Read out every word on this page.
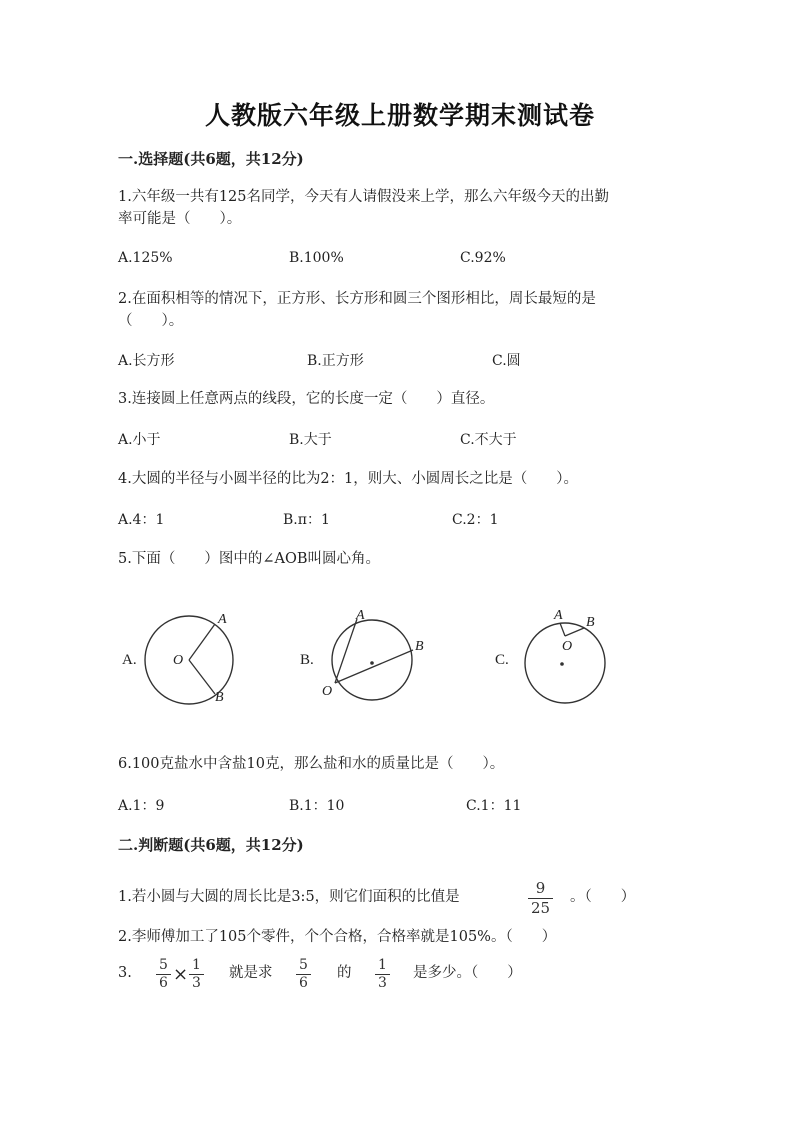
人教版六年级上册数学期末测试卷
一.选择题(共6题，共12分)
1.六年级一共有125名同学，今天有人请假没来上学，那么六年级今天的出勤
率可能是（　　）。
A.125%	B.100%	C.92%
2.在面积相等的情况下，正方形、长方形和圆三个图形相比，周长最短的是
（　　）。
A.长方形	B.正方形	C.圆
3.连接圆上任意两点的线段，它的长度一定（　　）直径。
A.小于	B.大于	C.不大于
4.大圆的半径与小圆半径的比为2：1，则大、小圆周长之比是（　　）。
A.4：1	B.π：1	C.2：1
5.下面（　　）图中的∠AOB叫圆心角。
A.	O
A
B
B.
O
A
B
C.
A B
O
6.100克盐水中含盐10克，那么盐和水的质量比是（　　）。
A.1：9	B.1：10	C.1：11
二.判断题(共6题，共12分)
1.若小圆与大圆的周长比是3:5，则它们面积的比值是	9
25
。（　　）
2.李师傅加工了105个零件，个个合格，合格率就是105%。（　　）
3. 5
6 × 1
3
就是求 5
6
的 1
3
是多少。（　　）
